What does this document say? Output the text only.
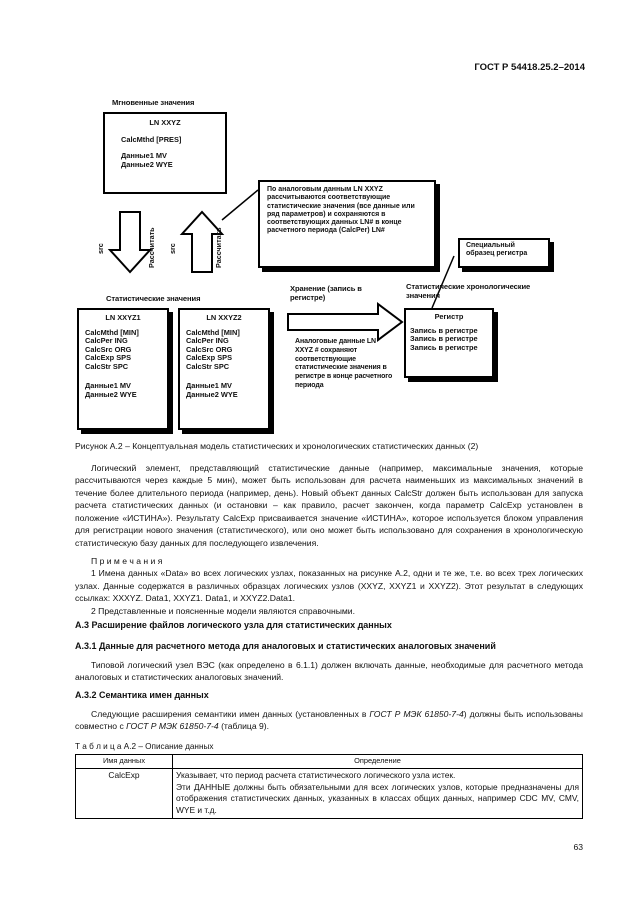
ГОСТ Р 54418.25.2–2014
Мгновенные значения
LN XXYZ
CalcMthd [PRES]
Данные1 MV
Данные2 WYE
По аналоговым данным LN XXYZ рассчитываются соответствующие статистические значения (все данные или ряд параметров) и сохраняются в соответствующих данных LN# в конце расчетного периода (CalcPer) LN#
Специальный образец регистра
src	Рассчитать src	Рассчитать
Статистические значения
LN XXYZ1
CalcMthd [MIN]
CalcPer ING
CalcSrc ORG
CalcExp SPS
CalcStr SPC
Данные1 MV
Данные2 WYE
LN XXYZ2
CalcMthd [MIN]
CalcPer ING
CalcSrc ORG
CalcExp SPS
CalcStr SPC
Данные1 MV
Данные2 WYE
Хранение (запись в регистре)
Аналоговые данные LN XXYZ # сохраняют соответствующие статистические значения в регистре в конце расчетного периода
Статистические хронологические значения
Регистр
Запись в регистре
Запись в регистре
Запись в регистре
Рисунок А.2 – Концептуальная модель статистических и хронологических статистических данных (2)

Логический элемент, представляющий статистические данные (например, максимальные значения, которые рассчитываются через каждые 5 мин), может быть использован для расчета наименьших из максимальных значений в течение более длительного периода (например, день). Новый объект данных CalcStr должен быть использован для запуска расчета статистических данных (и остановки – как правило, расчет закончен, когда параметр CalcExp установлен в положение «ИСТИНА»). Результату CalcExp присваивается значение «ИСТИНА», которое используется блоком управления для регистрации нового значения (статистического), или оно может быть использовано для сохранения в хронологическую статистическую базу данных для последующего извлечения.

П р и м е ч а н и я

1 Имена данных «Data» во всех логических узлах, показанных на рисунке А.2, одни и те же, т.е. во всех трех логических узлах. Данные содержатся в различных образцах логических узлов (XXYZ, XXYZ1 и XXYZ2). Этот результат в следующих ссылках: XXXYZ. Data1, XXYZ1. Data1, и XXYZ2.Data1.

2 Представленные и поясненные модели являются справочными.

А.3 Расширение файлов логического узла для статистических данных
А.3.1 Данные для расчетного метода для аналоговых и статистических аналоговых значений

Типовой логический узел ВЭС (как определено в 6.1.1) должен включать данные, необходимые для расчетного метода аналоговых и статистических аналоговых значений.

А.3.2 Семантика имен данных

Следующие расширения семантики имен данных (установленных в ГОСТ Р МЭК 61850-7-4) должны быть использованы совместно с ГОСТ Р МЭК 61850-7-4 (таблица 9).

Т а б л и ц а А.2 – Описание данных
Имя данных	Определение
CalcExp	Указывает, что период расчета статистического логического узла истек.
Эти ДАННЫЕ должны быть обязательными для всех логических узлов, которые предназначены для отображения статистических данных, указанных в классах общих данных, например CDC MV, CMV, WYE и т.д.
63
